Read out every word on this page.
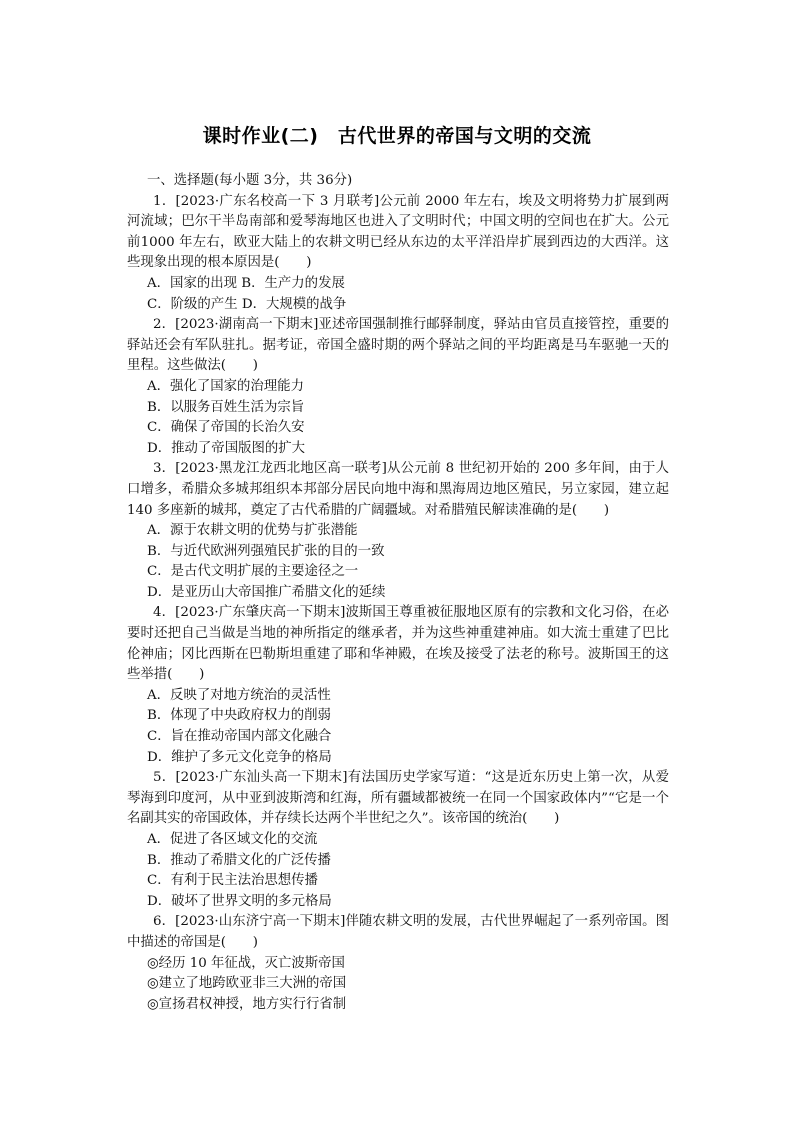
课时作业(二)　古代世界的帝国与文明的交流
一、选择题(每小题 3分，共 36分)
1．[2023·广东名校高一下 3 月联考]公元前 2000 年左右，埃及文明将势力扩展到两河流域；巴尔干半岛南部和爱琴海地区也进入了文明时代；中国文明的空间也在扩大。公元前1000 年左右，欧亚大陆上的农耕文明已经从东边的太平洋沿岸扩展到西边的大西洋。这些现象出现的根本原因是(　　)
A．国家的出现 B．生产力的发展
C．阶级的产生 D．大规模的战争
2．[2023·湖南高一下期末]亚述帝国强制推行邮驿制度，驿站由官员直接管控，重要的驿站还会有军队驻扎。据考证，帝国全盛时期的两个驿站之间的平均距离是马车驱驰一天的里程。这些做法(　　)
A．强化了国家的治理能力
B．以服务百姓生活为宗旨
C．确保了帝国的长治久安
D．推动了帝国版图的扩大
3．[2023·黑龙江龙西北地区高一联考]从公元前 8 世纪初开始的 200 多年间，由于人口增多，希腊众多城邦组织本邦部分居民向地中海和黑海周边地区殖民，另立家园，建立起140 多座新的城邦，奠定了古代希腊的广阔疆域。对希腊殖民解读准确的是(　　)
A．源于农耕文明的优势与扩张潜能
B．与近代欧洲列强殖民扩张的目的一致
C．是古代文明扩展的主要途径之一
D．是亚历山大帝国推广希腊文化的延续
4．[2023·广东肇庆高一下期末]波斯国王尊重被征服地区原有的宗教和文化习俗，在必要时还把自己当做是当地的神所指定的继承者，并为这些神重建神庙。如大流士重建了巴比伦神庙；冈比西斯在巴勒斯坦重建了耶和华神殿，在埃及接受了法老的称号。波斯国王的这些举措(　　)
A．反映了对地方统治的灵活性
B．体现了中央政府权力的削弱
C．旨在推动帝国内部文化融合
D．维护了多元文化竞争的格局
5．[2023·广东汕头高一下期末]有法国历史学家写道：“这是近东历史上第一次，从爱琴海到印度河，从中亚到波斯湾和红海，所有疆域都被统一在同一个国家政体内”“它是一个名副其实的帝国政体，并存续长达两个半世纪之久”。该帝国的统治(　　)
A．促进了各区域文化的交流
B．推动了希腊文化的广泛传播
C．有利于民主法治思想传播
D．破坏了世界文明的多元格局
6．[2023·山东济宁高一下期末]伴随农耕文明的发展，古代世界崛起了一系列帝国。图中描述的帝国是(　　)
◎经历 10 年征战，灭亡波斯帝国
◎建立了地跨欧亚非三大洲的帝国
◎宣扬君权神授，地方实行行省制
